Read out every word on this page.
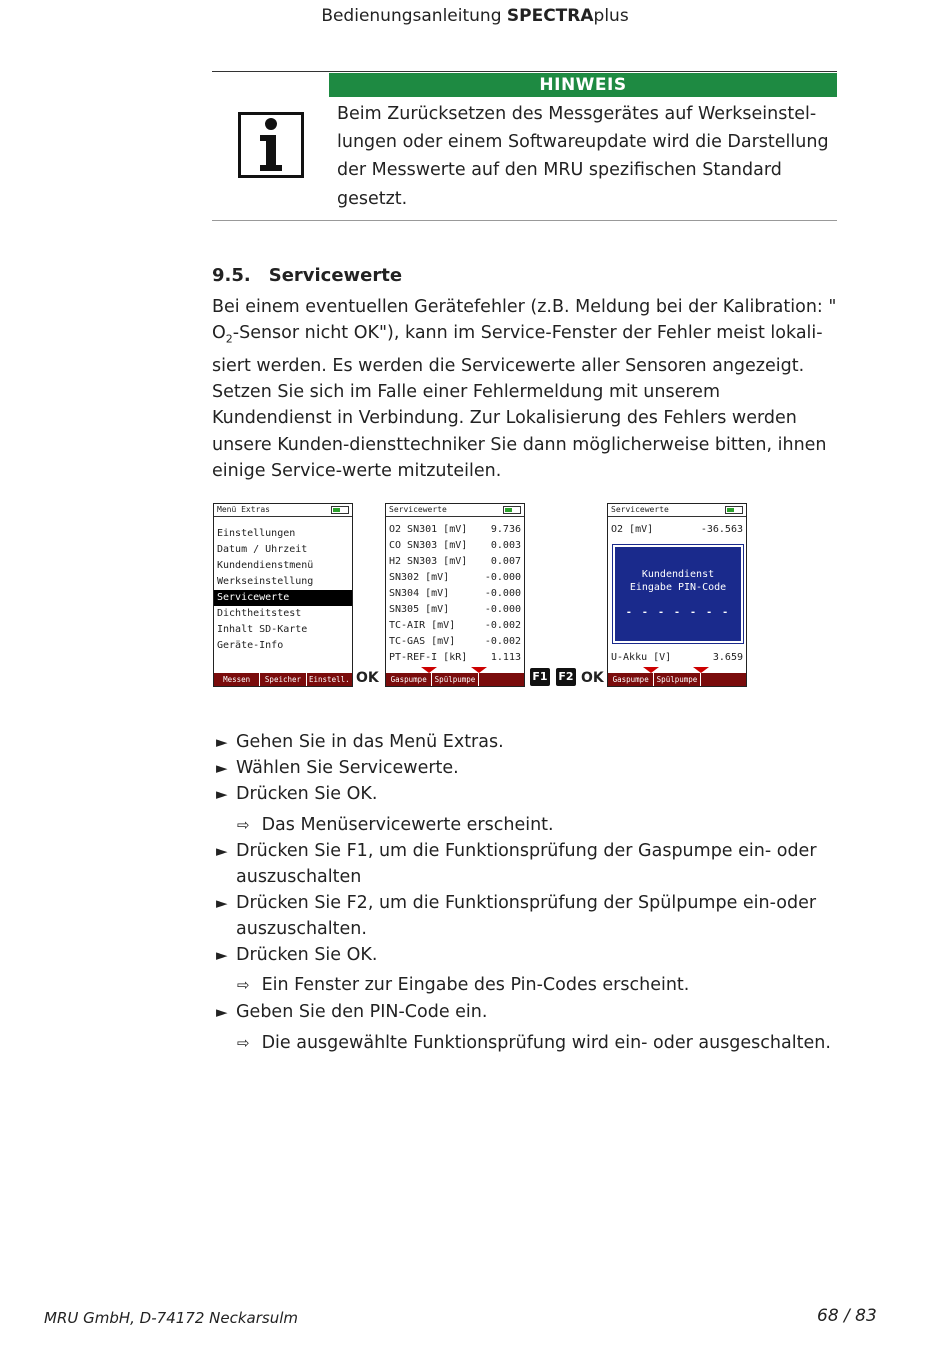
Bedienungsanleitung SPECTRAplus
HINWEIS
Beim Zurücksetzen des Messgerätes auf Werkseinstel-lungen oder einem Softwareupdate wird die Darstellung der Messwerte auf den MRU spezifischen Standard
gesetzt.
9.5. Servicewerte
Bei einem eventuellen Gerätefehler (z.B. Meldung bei der Kalibration: " $O_2$-Sensor nicht OK"), kann im Service-Fenster der Fehler meist lokali-siert werden. Es werden die Servicewerte aller Sensoren angezeigt. Setzen Sie sich im Falle einer Fehlermeldung mit unserem Kundendienst in Verbindung. Zur Lokalisierung des Fehlers werden unsere Kunden-diensttechniker Sie dann möglicherweise bitten, ihnen einige Service-werte mitzuteilen.
Menü Extras
Einstellungen
Datum / Uhrzeit
Kundendienstmenü
Werkseinstellung
Servicewerte
Dichtheitstest
Inhalt SD-Karte
Geräte-Info
Messen	Speicher	Einstell. OK
Servicewerte
O2 SN301 [mV] 9.736
CO SN303 [mV] 0.003
H2 SN303 [mV] 0.007
SN302 [mV]	-0.000
SN304 [mV]	-0.000
SN305 [mV]	-0.000
TC-AIR [mV]	-0.002
TC-GAS [mV]	-0.002
PT-REF-I [kR] 1.113
Gaspumpe	Spülpumpe	F1 F2 OK
Servicewerte
O2 [mV]	-36.563
Kundendienst
Eingabe PIN-Code
- - - - - - -
U-Akku [V]	3.659
Gaspumpe	Spülpumpe
► Gehen Sie in das Menü Extras.
► Wählen Sie Servicewerte.
► Drücken Sie OK.
⇨ Das Menüservicewerte erscheint.
► Drücken Sie F1, um die Funktionsprüfung der Gaspumpe ein- oder auszuschalten
► Drücken Sie F2, um die Funktionsprüfung der Spülpumpe ein-oder auszuschalten.
► Drücken Sie OK.
⇨ Ein Fenster zur Eingabe des Pin-Codes erscheint.
► Geben Sie den PIN-Code ein.
⇨ Die ausgewählte Funktionsprüfung wird ein- oder ausgeschalten.
MRU GmbH, D-74172 Neckarsulm	68 / 83
